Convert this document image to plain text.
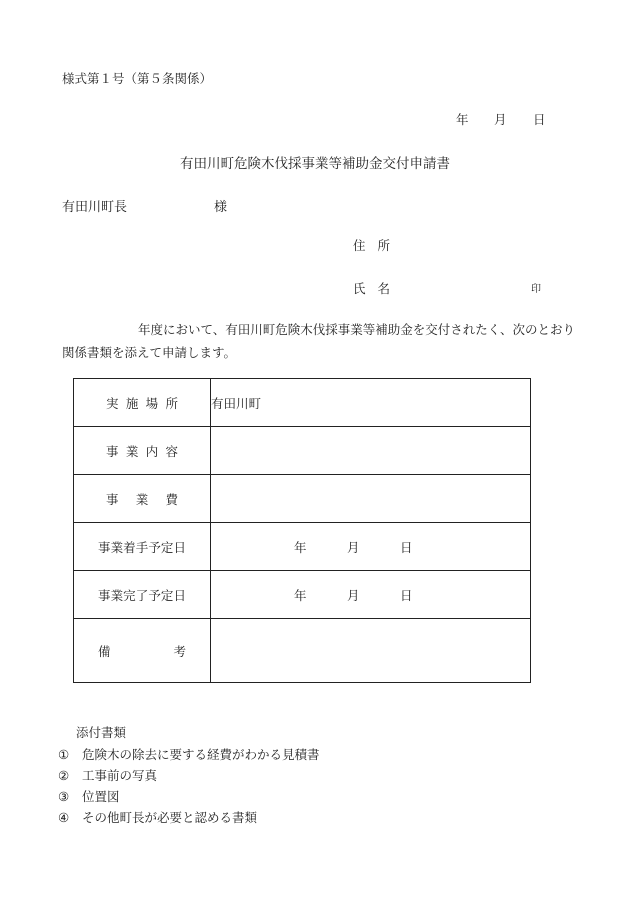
様式第１号（第５条関係）
年 月 日
有田川町危険木伐採事業等補助金交付申請書
有田川町長	様
住所
氏名	印
年度において、有田川町危険木伐採事業等補助金を交付されたく、次のとおり関係書類を添えて申請します。
実施場所	有田川町
事業内容	
事業費	
事業着手予定日	年 月 日

事業完了予定日	年 月 日

備考	
添付書類
① 危険木の除去に要する経費がわかる見積書
② 工事前の写真
③ 位置図
④ その他町長が必要と認める書類
